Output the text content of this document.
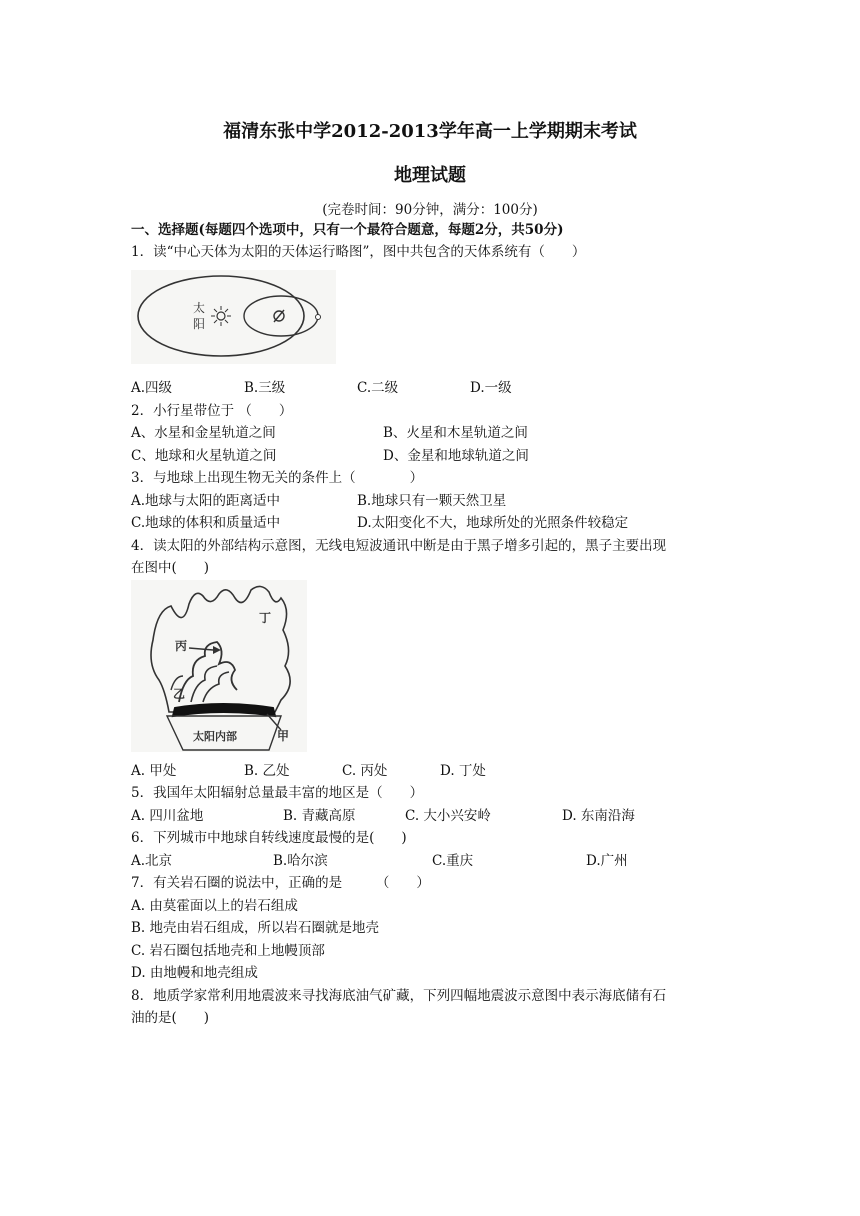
福清东张中学2012-2013学年高一上学期期末考试
地理试题
(完卷时间：90分钟，满分：100分)
一、选择题(每题四个选项中，只有一个最符合题意，每题2分，共50分)
1．读“中心天体为太阳的天体运行略图”，图中共包含的天体系统有（　　）
太
阳
A.四级	B.三级	C.二级	D.一级
2．小行星带位于 （　　）
A、水星和金星轨道之间	B、火星和木星轨道之间
C、地球和火星轨道之间	D、金星和地球轨道之间
3．与地球上出现生物无关的条件上（　　　　）
A.地球与太阳的距离适中	B.地球只有一颗天然卫星
C.地球的体积和质量适中	D.太阳变化不大，地球所处的光照条件较稳定
4．读太阳的外部结构示意图，无线电短波通讯中断是由于黑子增多引起的，黑子主要出现
在图中(　　)
丁
丙
乙
甲
太阳内部
A. 甲处	B. 乙处	C. 丙处	D. 丁处
5．我国年太阳辐射总量最丰富的地区是（　　）
A. 四川盆地	B. 青藏高原	C. 大小兴安岭	D. 东南沿海
6．下列城市中地球自转线速度最慢的是(　　)
A.北京	B.哈尔滨	C.重庆	D.广州
7．有关岩石圈的说法中，正确的是　　　（　　）
A. 由莫霍面以上的岩石组成
B. 地壳由岩石组成，所以岩石圈就是地壳
C. 岩石圈包括地壳和上地幔顶部
D. 由地幔和地壳组成
8．地质学家常利用地震波来寻找海底油气矿藏，下列四幅地震波示意图中表示海底储有石
油的是(　　)
